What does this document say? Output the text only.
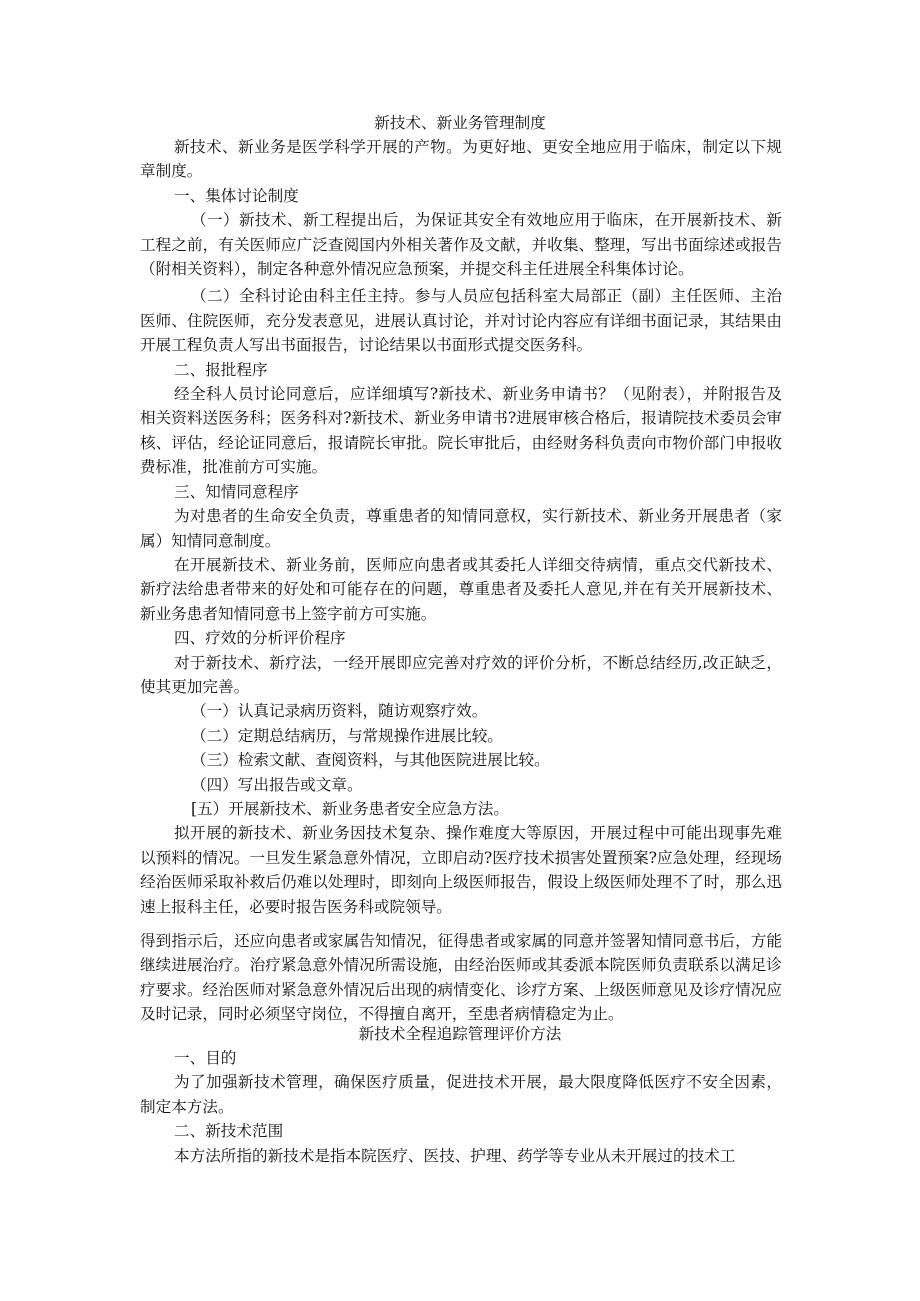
新技术、新业务管理制度

新技术、新业务是医学科学开展的产物。为更好地、更安全地应用于临床，制定以下规章制度。

一、集体讨论制度

（一）新技术、新工程提出后，为保证其安全有效地应用于临床，在开展新技术、新工程之前，有关医师应广泛查阅国内外相关著作及文献，并收集、整理，写出书面综述或报告（附相关资料），制定各种意外情况应急预案，并提交科主任进展全科集体讨论。

（二）全科讨论由科主任主持。参与人员应包括科室大局部正（副）主任医师、主治医师、住院医师，充分发表意见，进展认真讨论，并对讨论内容应有详细书面记录，其结果由开展工程负责人写出书面报告，讨论结果以书面形式提交医务科。

二、报批程序

经全科人员讨论同意后，应详细填写?新技术、新业务申请书？（见附表），并附报告及相关资料送医务科；医务科对?新技术、新业务申请书?进展审核合格后，报请院技术委员会审核、评估，经论证同意后，报请院长审批。院长审批后，由经财务科负责向市物价部门申报收费标准，批准前方可实施。

三、知情同意程序

为对患者的生命安全负责，尊重患者的知情同意权，实行新技术、新业务开展患者（家属）知情同意制度。

在开展新技术、新业务前，医师应向患者或其委托人详细交待病情，重点交代新技术、新疗法给患者带来的好处和可能存在的问题，尊重患者及委托人意见,并在有关开展新技术、新业务患者知情同意书上签字前方可实施。

四、疗效的分析评价程序

对于新技术、新疗法，一经开展即应完善对疗效的评价分析，不断总结经历,改正缺乏，使其更加完善。

（一）认真记录病历资料，随访观察疗效。

（二）定期总结病历，与常规操作进展比较。

（三）检索文献、查阅资料，与其他医院进展比较。

（四）写出报告或文章。

[五）开展新技术、新业务患者安全应急方法。

拟开展的新技术、新业务因技术复杂、操作难度大等原因，开展过程中可能出现事先难以预料的情况。一旦发生紧急意外情况，立即启动?医疗技术损害处置预案?应急处理，经现场经治医师采取补救后仍难以处理时，即刻向上级医师报告，假设上级医师处理不了时，那么迅速上报科主任，必要时报告医务科或院领导。

得到指示后，还应向患者或家属告知情况，征得患者或家属的同意并签署知情同意书后，方能继续进展治疗。治疗紧急意外情况所需设施，由经治医师或其委派本院医师负责联系以满足诊疗要求。经治医师对紧急意外情况后出现的病情变化、诊疗方案、上级医师意见及诊疗情况应及时记录，同时必须坚守岗位，不得擅自离开，至患者病情稳定为止。

新技术全程追踪管理评价方法

一、目的

为了加强新技术管理，确保医疗质量，促进技术开展，最大限度降低医疗不安全因素，制定本方法。

二、新技术范围

本方法所指的新技术是指本院医疗、医技、护理、药学等专业从未开展过的技术工
